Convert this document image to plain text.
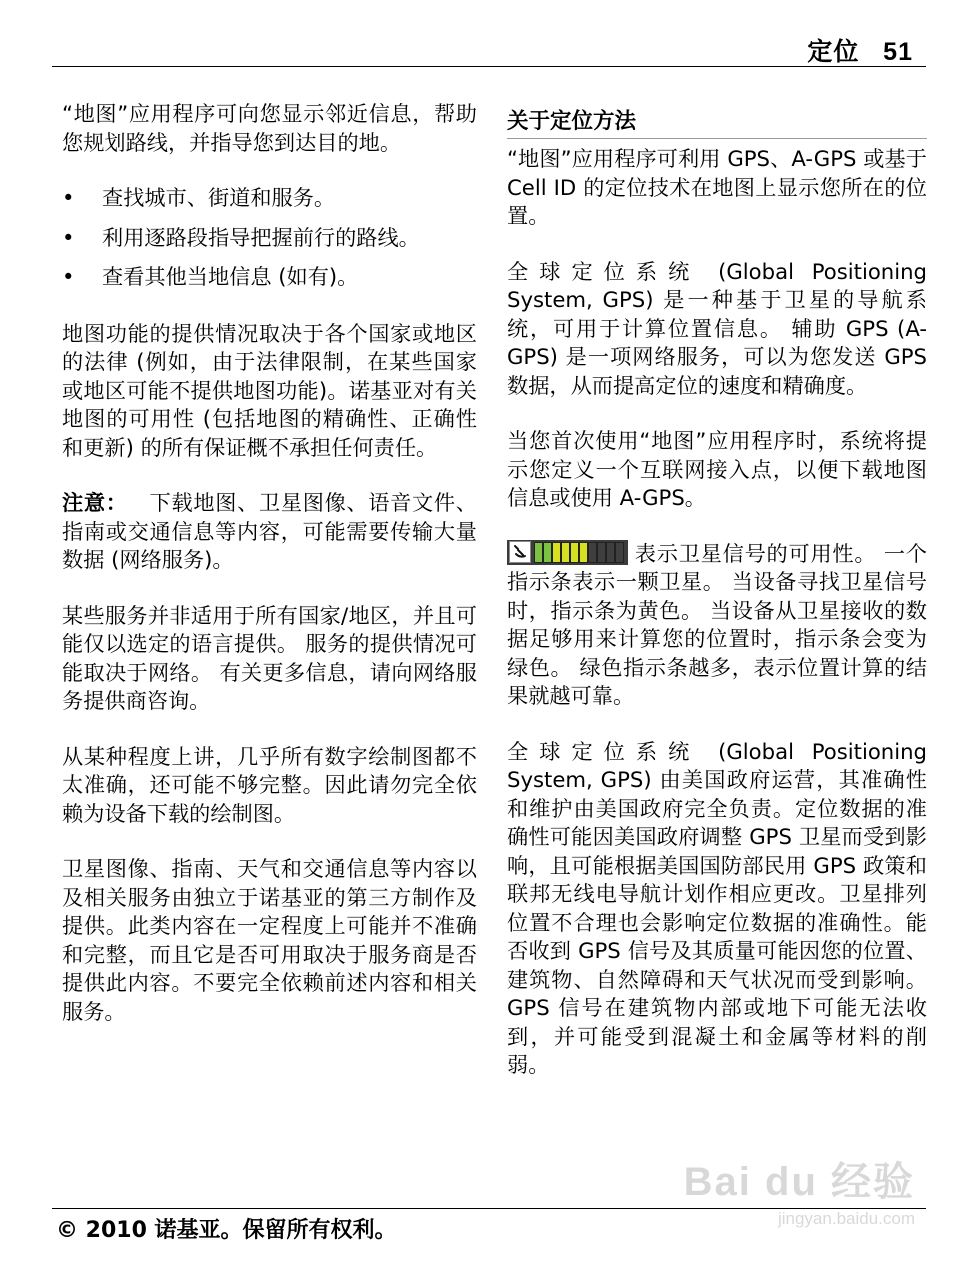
定位   51

“地图”应用程序可向您显示邻近信息，帮助您规划路线，并指导您到达目的地。

• 查找城市、街道和服务。
• 利用逐路段指导把握前行的路线。
• 查看其他当地信息 (如有)。

地图功能的提供情况取决于各个国家或地区的法律 (例如，由于法律限制，在某些国家或地区可能不提供地图功能)。诺基亚对有关地图的可用性 (包括地图的精确性、正确性和更新) 的所有保证概不承担任何责任。

注意： 下载地图、卫星图像、语音文件、指南或交通信息等内容，可能需要传输大量数据 (网络服务)。

某些服务并非适用于所有国家/地区，并且可能仅以选定的语言提供。 服务的提供情况可能取决于网络。 有关更多信息，请向网络服务提供商咨询。

从某种程度上讲，几乎所有数字绘制图都不太准确，还可能不够完整。因此请勿完全依赖为设备下载的绘制图。

卫星图像、指南、天气和交通信息等内容以及相关服务由独立于诺基亚的第三方制作及提供。此类内容在一定程度上可能并不准确和完整，而且它是否可用取决于服务商是否提供此内容。不要完全依赖前述内容和相关服务。

关于定位方法

“地图”应用程序可利用 GPS、A-GPS 或基于 Cell ID 的定位技术在地图上显示您所在的位置。

全球定位系统 (Global Positioning System, GPS) 是一种基于卫星的导航系统，可用于计算位置信息。 辅助 GPS (A-GPS) 是一项网络服务，可以为您发送 GPS 数据，从而提高定位的速度和精确度。

当您首次使用“地图”应用程序时，系统将提示您定义一个互联网接入点，以便下载地图信息或使用 A-GPS。

表示卫星信号的可用性。 一个指示条表示一颗卫星。 当设备寻找卫星信号时，指示条为黄色。 当设备从卫星接收的数据足够用来计算您的位置时，指示条会变为绿色。 绿色指示条越多，表示位置计算的结果就越可靠。

全球定位系统 (Global Positioning System, GPS) 由美国政府运营，其准确性和维护由美国政府完全负责。定位数据的准确性可能因美国政府调整 GPS 卫星而受到影响，且可能根据美国国防部民用 GPS 政策和联邦无线电导航计划作相应更改。卫星排列位置不合理也会影响定位数据的准确性。能否收到 GPS 信号及其质量可能因您的位置、建筑物、自然障碍和天气状况而受到影响。GPS 信号在建筑物内部或地下可能无法收到，并可能受到混凝土和金属等材料的削弱。

Bai du 经验
jingyan.baidu.com
© 2010 诺基亚。保留所有权利。
